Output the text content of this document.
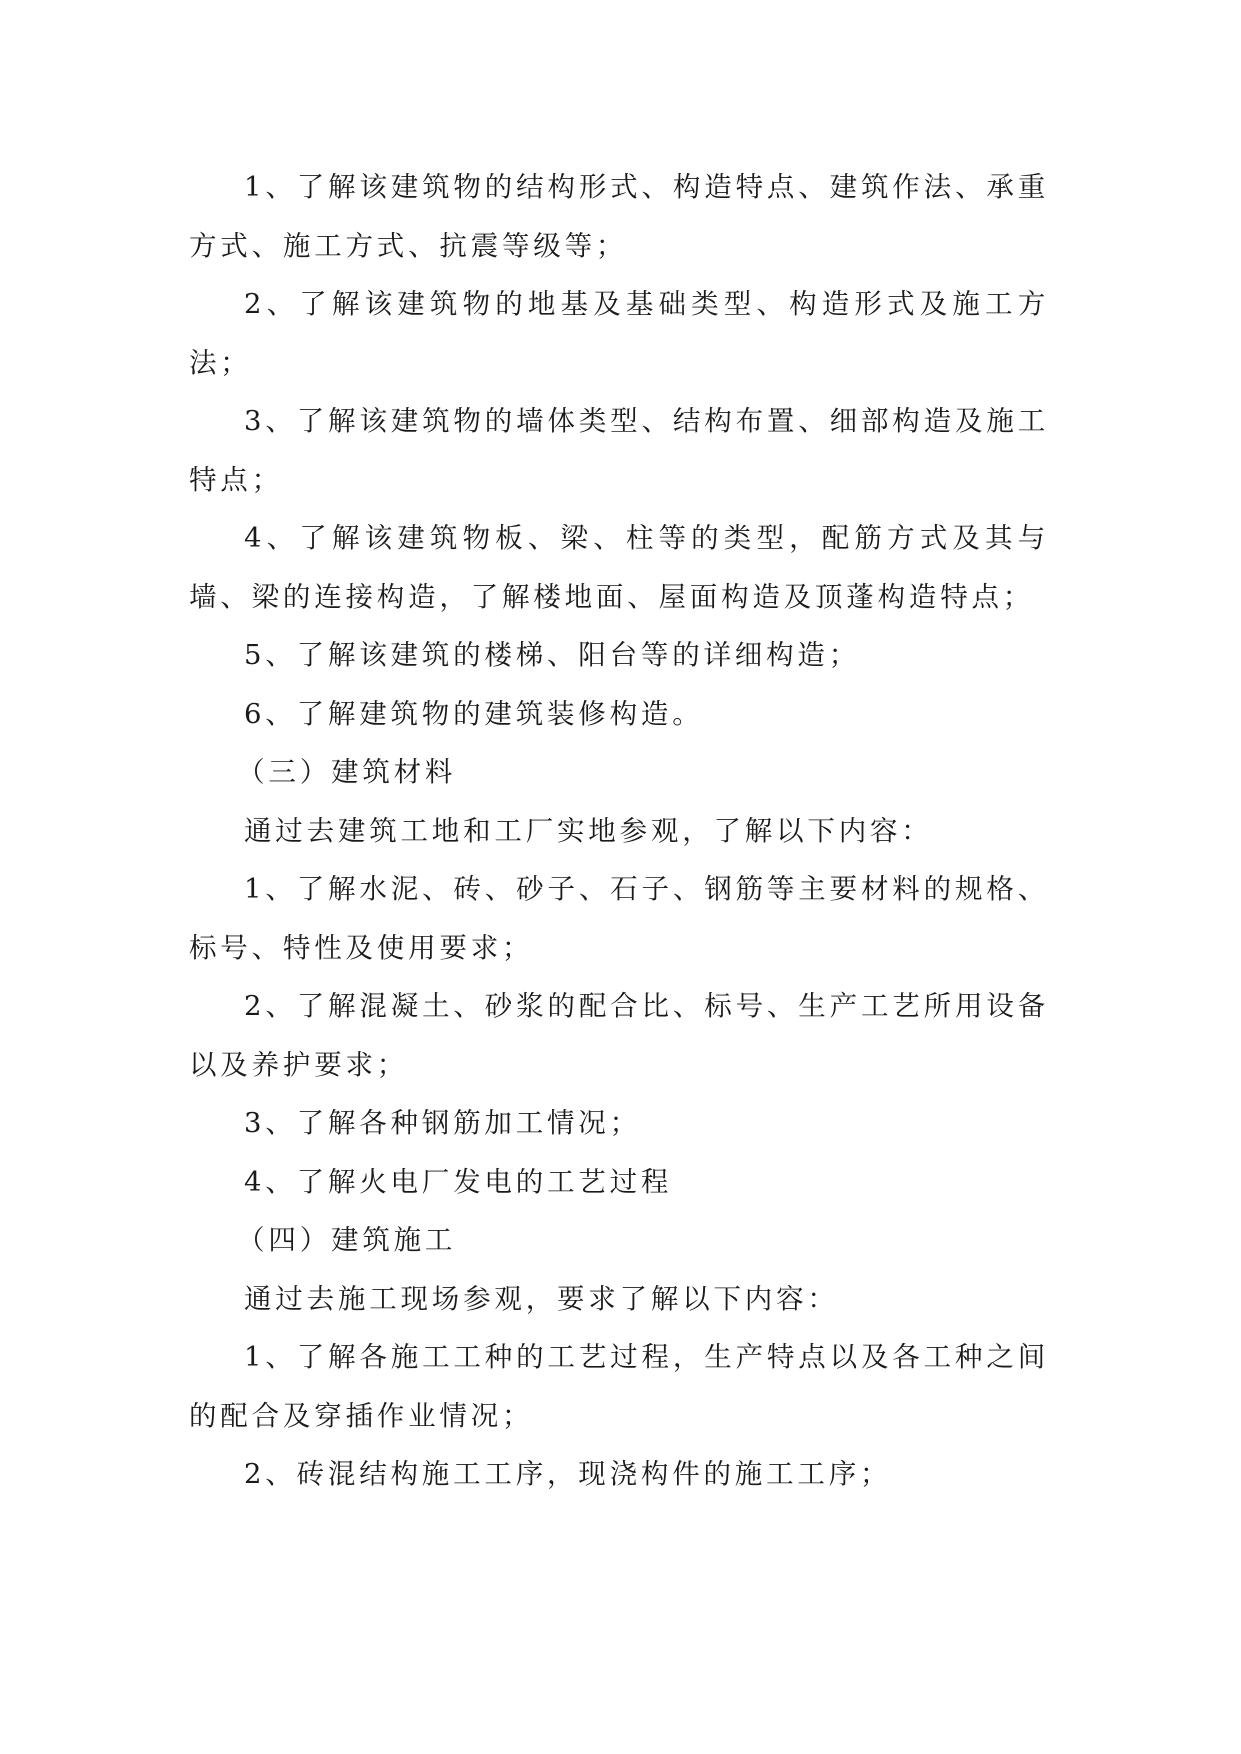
1、了解该建筑物的结构形式、构造特点、建筑作法、承重方式、施工方式、抗震等级等；

2、了解该建筑物的地基及基础类型、构造形式及施工方法；

3、了解该建筑物的墙体类型、结构布置、细部构造及施工特点；

4、了解该建筑物板、梁、柱等的类型，配筋方式及其与墙、梁的连接构造，了解楼地面、屋面构造及顶蓬构造特点；

5、了解该建筑的楼梯、阳台等的详细构造；

6、了解建筑物的建筑装修构造。

（三）建筑材料

通过去建筑工地和工厂实地参观，了解以下内容：

1、了解水泥、砖、砂子、石子、钢筋等主要材料的规格、标号、特性及使用要求；

2、了解混凝土、砂浆的配合比、标号、生产工艺所用设备以及养护要求；

3、了解各种钢筋加工情况；

4、了解火电厂发电的工艺过程

（四）建筑施工

通过去施工现场参观，要求了解以下内容：

1、了解各施工工种的工艺过程，生产特点以及各工种之间的配合及穿插作业情况；

2、砖混结构施工工序，现浇构件的施工工序；
